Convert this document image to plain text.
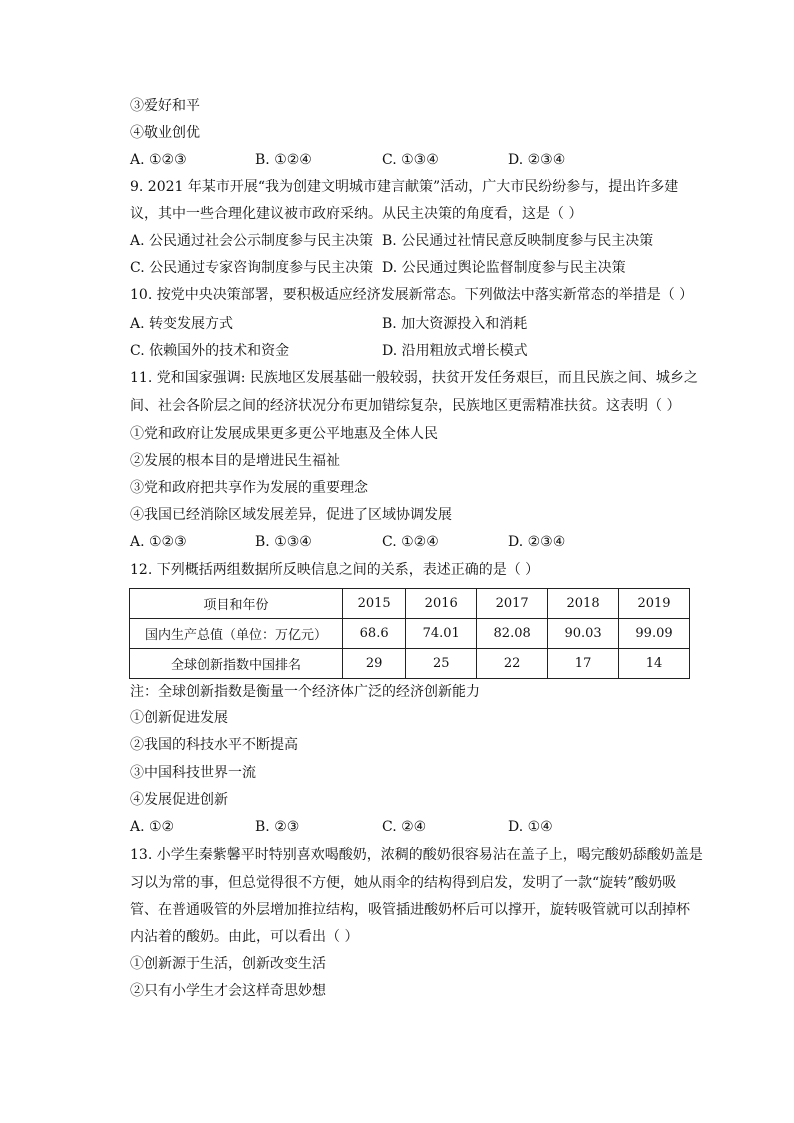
③爱好和平
④敬业创优
A. ①②③	B. ①②④	C. ①③④	D. ②③④
9. 2021 年某市开展“我为创建文明城市建言献策”活动，广大市民纷纷参与，提出许多建
议，其中一些合理化建议被市政府采纳。从民主决策的角度看，这是（ ）
A. 公民通过社会公示制度参与民主决策 B. 公民通过社情民意反映制度参与民主决策
C. 公民通过专家咨询制度参与民主决策 D. 公民通过舆论监督制度参与民主决策
10. 按党中央决策部署，要积极适应经济发展新常态。下列做法中落实新常态的举措是（ ）
A. 转变发展方式	B. 加大资源投入和消耗
C. 依赖国外的技术和资金	D. 沿用粗放式增长模式
11. 党和国家强调: 民族地区发展基础一般较弱，扶贫开发任务艰巨，而且民族之间、城乡之
间、社会各阶层之间的经济状况分布更加错综复杂，民族地区更需精准扶贫。这表明（ ）
①党和政府让发展成果更多更公平地惠及全体人民
②发展的根本目的是增进民生福祉
③党和政府把共享作为发展的重要理念
④我国已经消除区域发展差异，促进了区域协调发展
A. ①②③	B. ①③④	C. ①②④	D. ②③④
12. 下列概括两组数据所反映信息之间的关系，表述正确的是（ ）
项目和年份	2015	2016	2017	2018	2019
国内生产总值（单位：万亿元）	68.6	74.01	82.08	90.03	99.09
全球创新指数中国排名	29	25	22	17	14
注：全球创新指数是衡量一个经济体广泛的经济创新能力
①创新促进发展
②我国的科技水平不断提高
③中国科技世界一流
④发展促进创新
A. ①②	B. ②③	C. ②④	D. ①④
13. 小学生秦紫馨平时特别喜欢喝酸奶，浓稠的酸奶很容易沾在盖子上，喝完酸奶舔酸奶盖是
习以为常的事，但总觉得很不方便，她从雨伞的结构得到启发，发明了一款“旋转”酸奶吸
管、在普通吸管的外层增加推拉结构，吸管插进酸奶杯后可以撑开，旋转吸管就可以刮掉杯
内沾着的酸奶。由此，可以看出（ ）
①创新源于生活，创新改变生活
②只有小学生才会这样奇思妙想
